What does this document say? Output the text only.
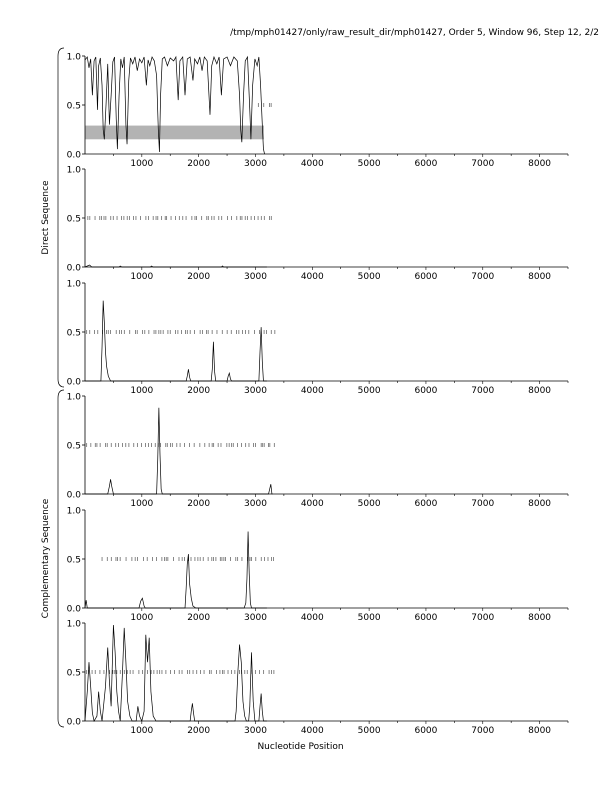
/tmp/mph01427/only/raw_result_dir/mph01427, Order 5, Window 96, Step 12, 2/2
0.0
0.5
1.0
1000	2000	3000	4000	5000	6000	7000	8000
0.0
0.5
1.0
1000	2000	3000	4000	5000	6000	7000	8000
0.0
0.5
1.0
1000	2000	3000	4000	5000	6000	7000	8000
0.0
0.5
1.0
1000	2000	3000	4000	5000	6000	7000	8000
0.0
0.5
1.0
1000	2000	3000	4000	5000	6000	7000	8000
0.0
0.5
1.0
1000	2000	3000	4000	5000	6000	7000	8000
Direct Sequence
Complementary Sequence
Nucleotide Position
